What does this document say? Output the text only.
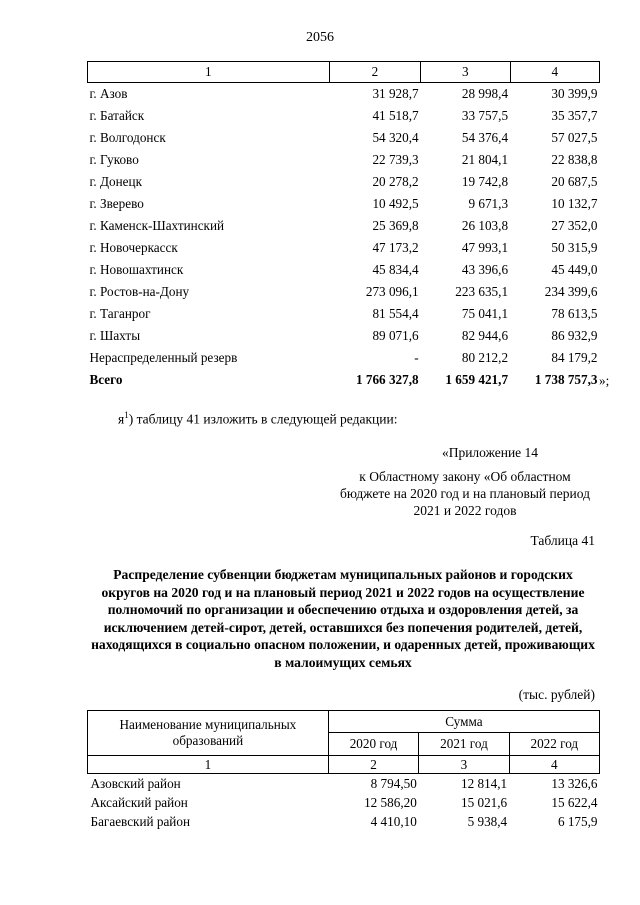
2056
1	2	3	4
г. Азов	31 928,7	28 998,4	30 399,9
г. Батайск	41 518,7	33 757,5	35 357,7
г. Волгодонск	54 320,4	54 376,4	57 027,5
г. Гуково	22 739,3	21 804,1	22 838,8
г. Донецк	20 278,2	19 742,8	20 687,5
г. Зверево	10 492,5	9 671,3	10 132,7
г. Каменск-Шахтинский	25 369,8	26 103,8	27 352,0
г. Новочеркасск	47 173,2	47 993,1	50 315,9
г. Новошахтинск	45 834,4	43 396,6	45 449,0
г. Ростов-на-Дону	273 096,1	223 635,1	234 399,6
г. Таганрог	81 554,4	75 041,1	78 613,5
г. Шахты	89 071,6	82 944,6	86 932,9
Нераспределенный резерв	-	80 212,2	84 179,2
Всего	1 766 327,8	1 659 421,7	1 738 757,3 »;
$я^1$) таблицу 41 изложить в следующей редакции:
«Приложение 14
к Областному закону «Об областном бюджете на 2020 год и на плановый период 2021 и 2022 годов
Таблица 41
Распределение субвенции бюджетам муниципальных районов и городских округов на 2020 год и на плановый период 2021 и 2022 годов на осуществление полномочий по организации и обеспечению отдыха и оздоровления детей, за исключением детей-сирот, детей, оставшихся без попечения родителей, детей, находящихся в социально опасном положении, и одаренных детей, проживающих в малоимущих семьях
(тыс. рублей)
Наименование муниципальных образований	Сумма		
	2020 год	2021 год	2022 год
1	2	3	4
Азовский район	8 794,50	12 814,1	13 326,6
Аксайский район	12 586,20	15 021,6	15 622,4
Багаевский район	4 410,10	5 938,4	6 175,9
